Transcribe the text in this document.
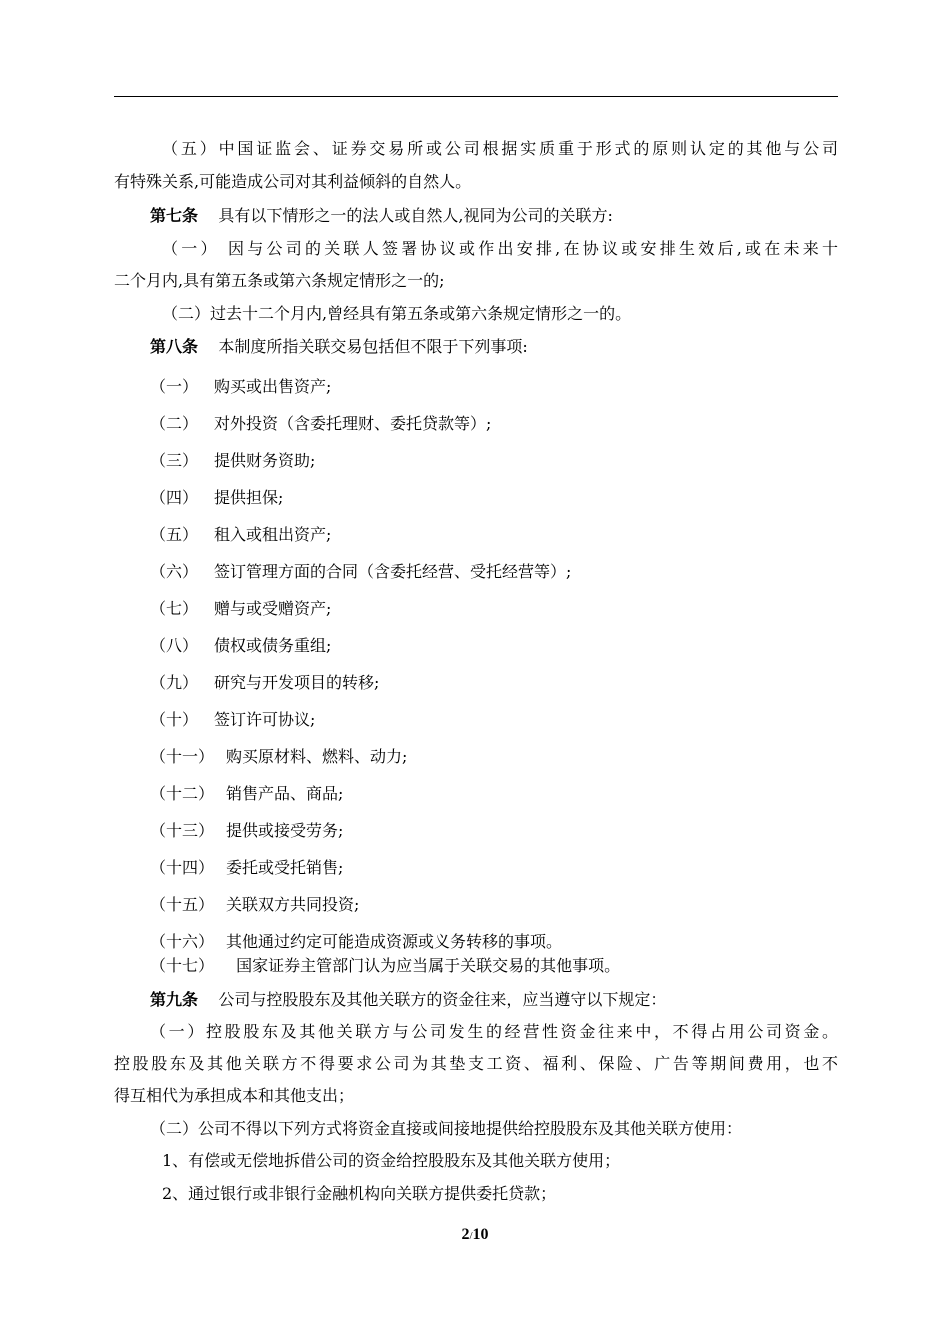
（五）中国证监会、证券交易所或公司根据实质重于形式的原则认定的其他与公司
有特殊关系,可能造成公司对其利益倾斜的自然人。
第七条 具有以下情形之一的法人或自然人,视同为公司的关联方:
（一） 因与公司的关联人签署协议或作出安排,在协议或安排生效后,或在未来十
二个月内,具有第五条或第六条规定情形之一的;
（二）过去十二个月内,曾经具有第五条或第六条规定情形之一的。
第八条 本制度所指关联交易包括但不限于下列事项:
（一） 购买或出售资产;
（二） 对外投资（含委托理财、委托贷款等）;
（三） 提供财务资助;
（四） 提供担保;
（五） 租入或租出资产;
（六） 签订管理方面的合同（含委托经营、受托经营等）;
（七） 赠与或受赠资产;
（八） 债权或债务重组;
（九） 研究与开发项目的转移;
（十） 签订许可协议;
（十一） 购买原材料、燃料、动力;
（十二） 销售产品、商品;
（十三） 提供或接受劳务;
（十四） 委托或受托销售;
（十五） 关联双方共同投资;
（十六） 其他通过约定可能造成资源或义务转移的事项。
（十七）  国家证券主管部门认为应当属于关联交易的其他事项。
第九条 公司与控股股东及其他关联方的资金往来，应当遵守以下规定：
（一）控股股东及其他关联方与公司发生的经营性资金往来中，不得占用公司资金。
控股股东及其他关联方不得要求公司为其垫支工资、福利、保险、广告等期间费用，也不
得互相代为承担成本和其他支出；
（二）公司不得以下列方式将资金直接或间接地提供给控股股东及其他关联方使用：
1、有偿或无偿地拆借公司的资金给控股股东及其他关联方使用；
2、通过银行或非银行金融机构向关联方提供委托贷款；
2/10
